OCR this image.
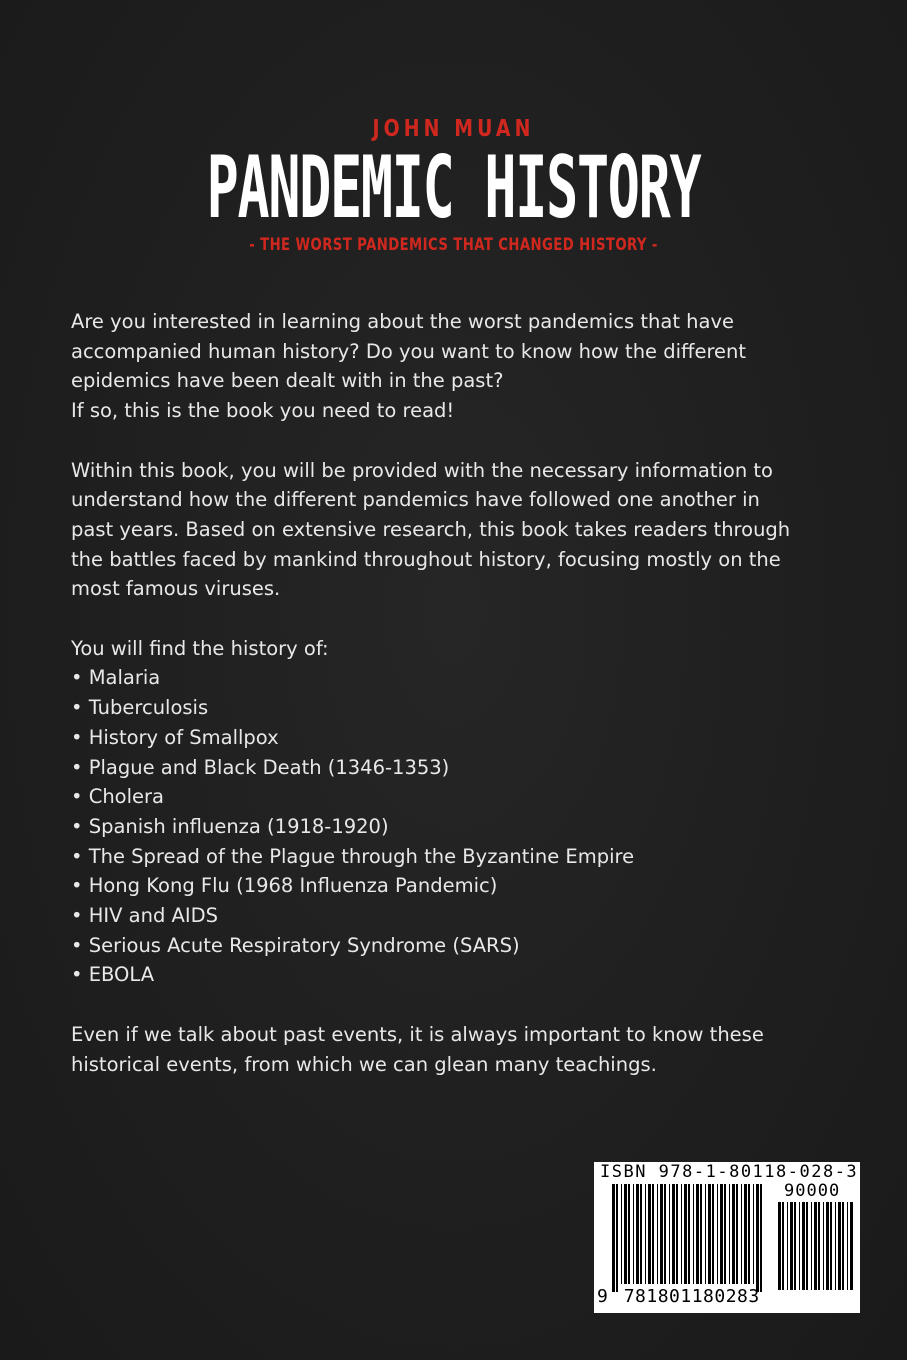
JOHN MUAN
PANDEMIC HISTORY
- THE WORST PANDEMICS THAT CHANGED HISTORY -

Are you interested in learning about the worst pandemics that have

accompanied human history? Do you want to know how the different

epidemics have been dealt with in the past?

If so, this is the book you need to read!

Within this book, you will be provided with the necessary information to

understand how the different pandemics have followed one another in

past years. Based on extensive research, this book takes readers through

the battles faced by mankind throughout history, focusing mostly on the

most famous viruses.

You will find the history of:

• Malaria
• Tuberculosis
• History of Smallpox
• Plague and Black Death (1346-1353)
• Cholera
• Spanish influenza (1918-1920)
• The Spread of the Plague through the Byzantine Empire
• Hong Kong Flu (1968 Influenza Pandemic)
• HIV and AIDS
• Serious Acute Respiratory Syndrome (SARS)
• EBOLA

Even if we talk about past events, it is always important to know these

historical events, from which we can glean many teachings.

ISBN 978-1-80118-028-3
90000
9 781801180283
